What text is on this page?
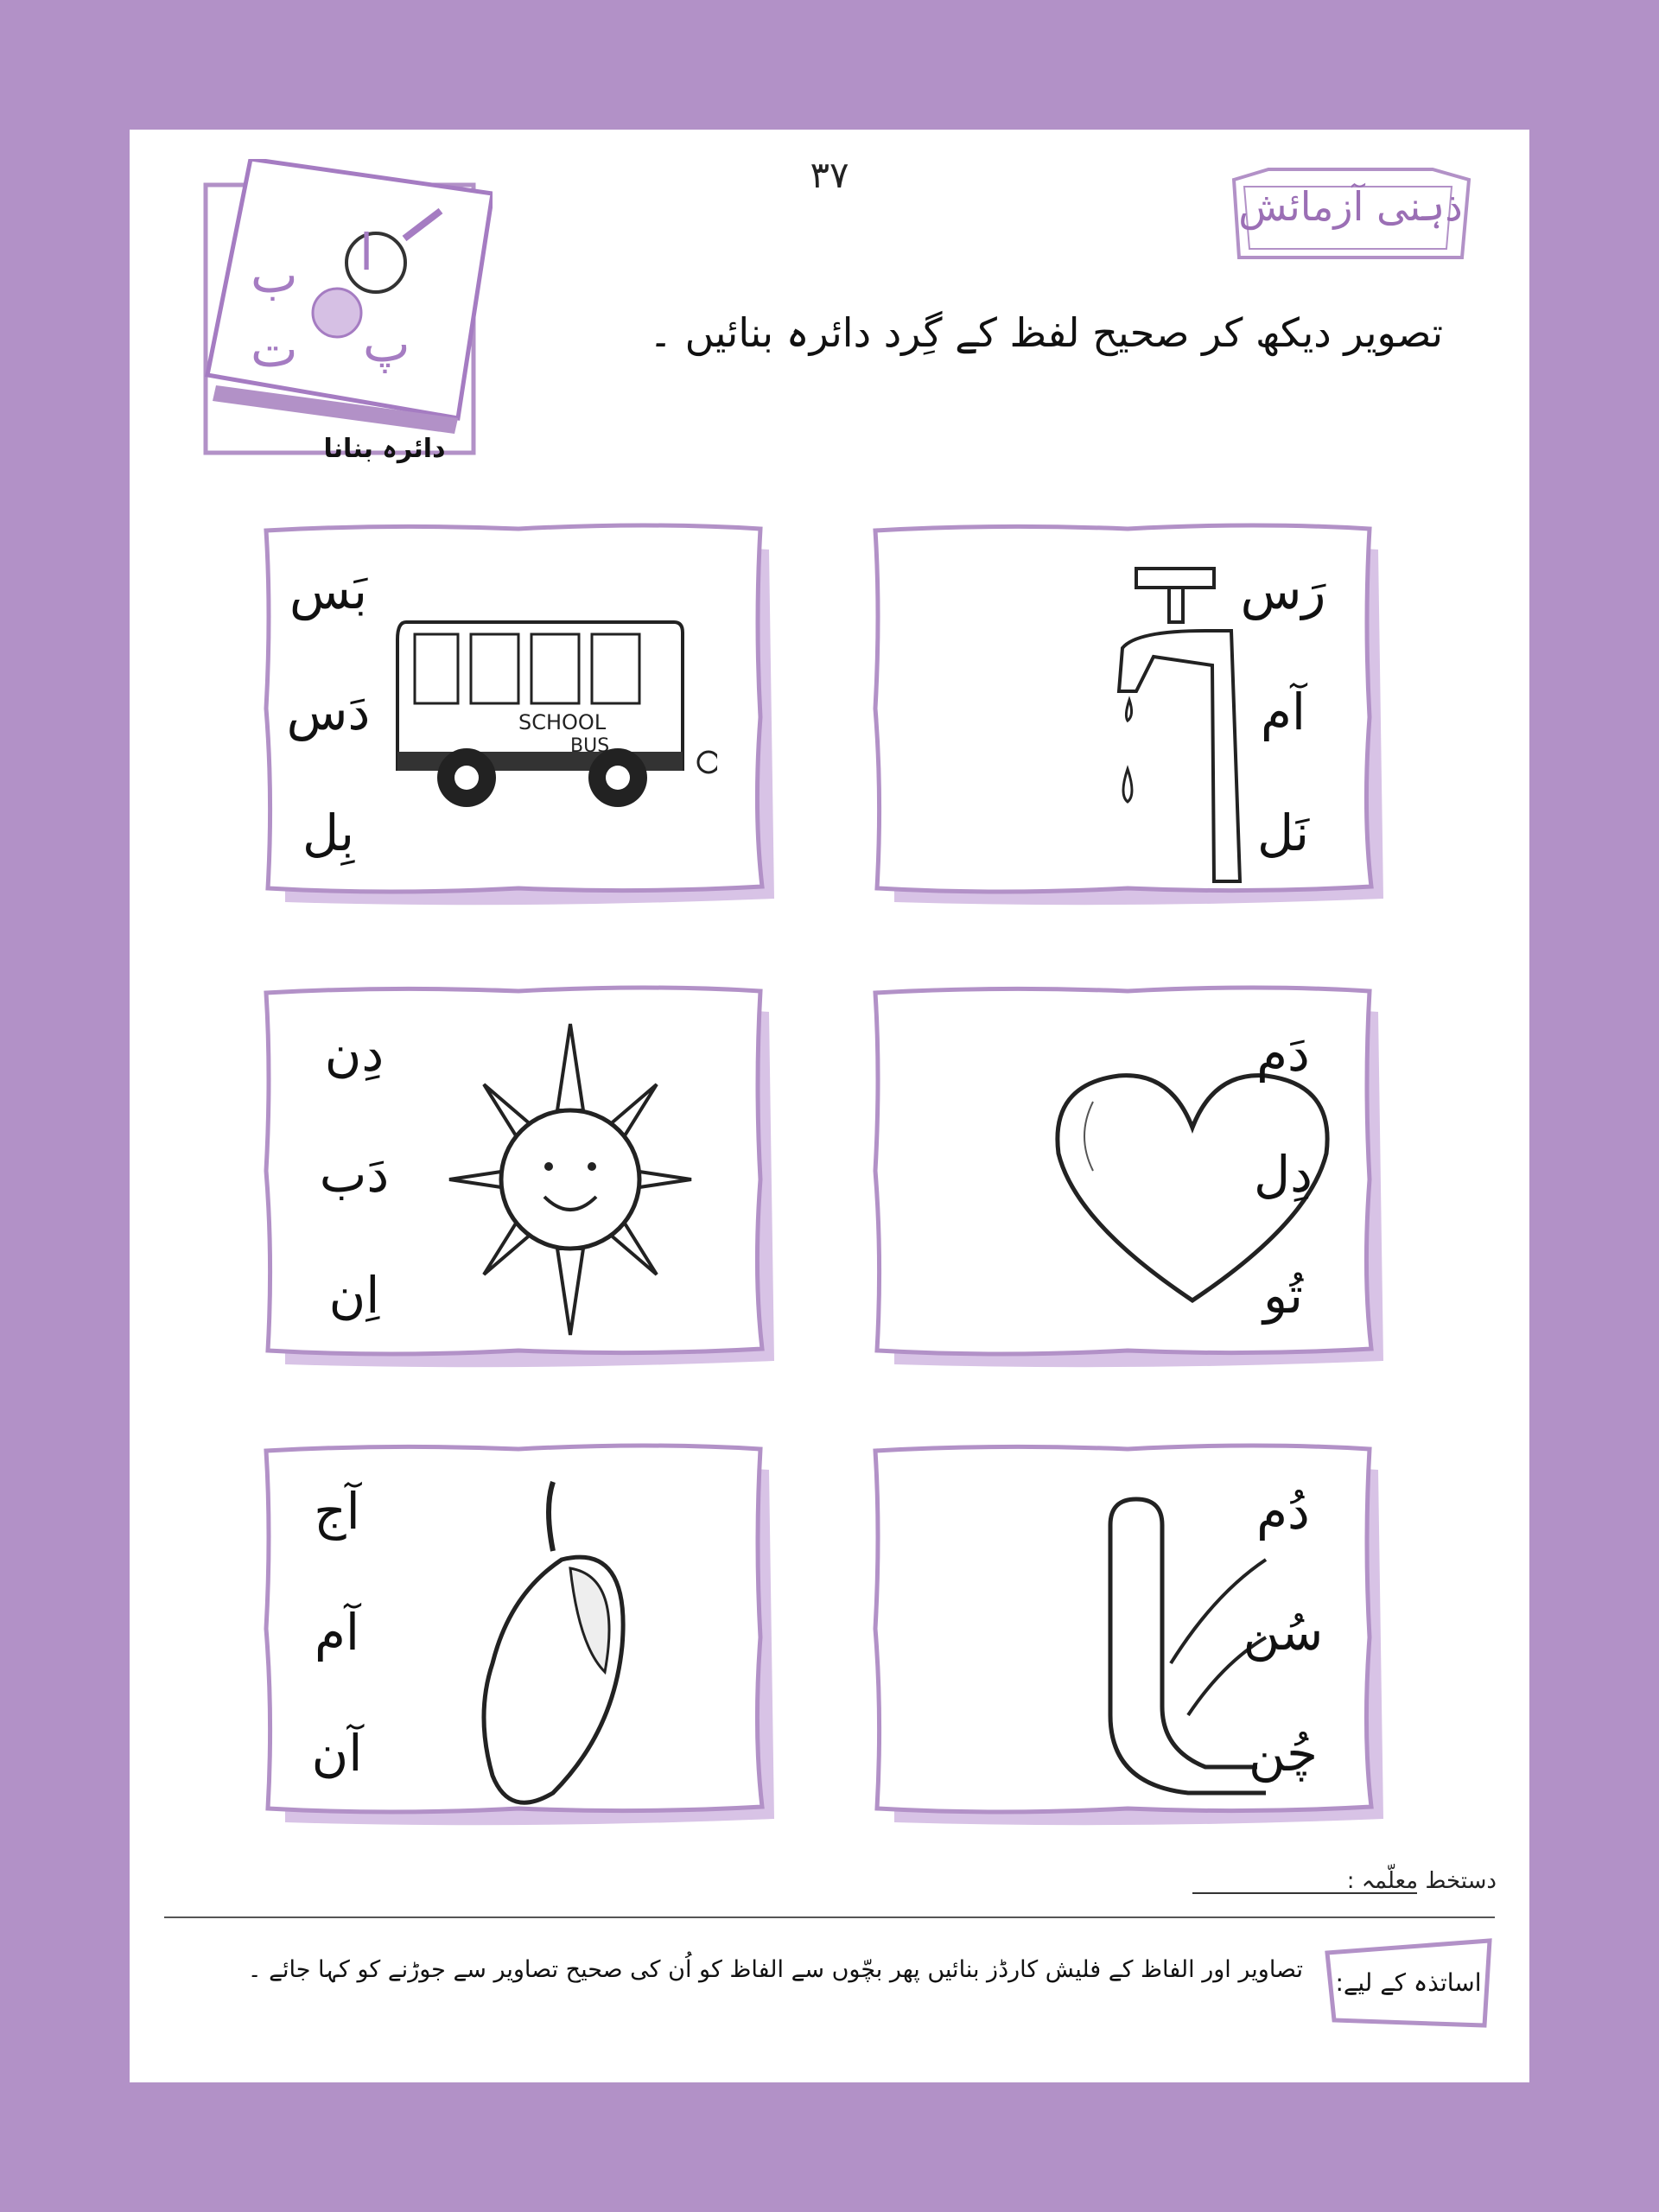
۳۷
ذہنی آزمائش
تصویر دیکھ کر صحیح لفظ کے گِرد دائرہ بنائیں ۔
ا
ب
پ
ت
دائرہ بنانا
رَس
آم
نَل
SCHOOL
BUS
بَس
دَس
بِل
دَم
دِل
تُو
دِن
دَب
اِن
دُم
سُن
چُن
آج
آم
آن
دستخط معلّمہ :
اساتذہ کے لیے:
تصاویر اور الفاظ کے فلیش کارڈز بنائیں پھر بچّوں سے الفاظ کو اُن کی صحیح تصاویر سے جوڑنے کو کہا جائے ۔
